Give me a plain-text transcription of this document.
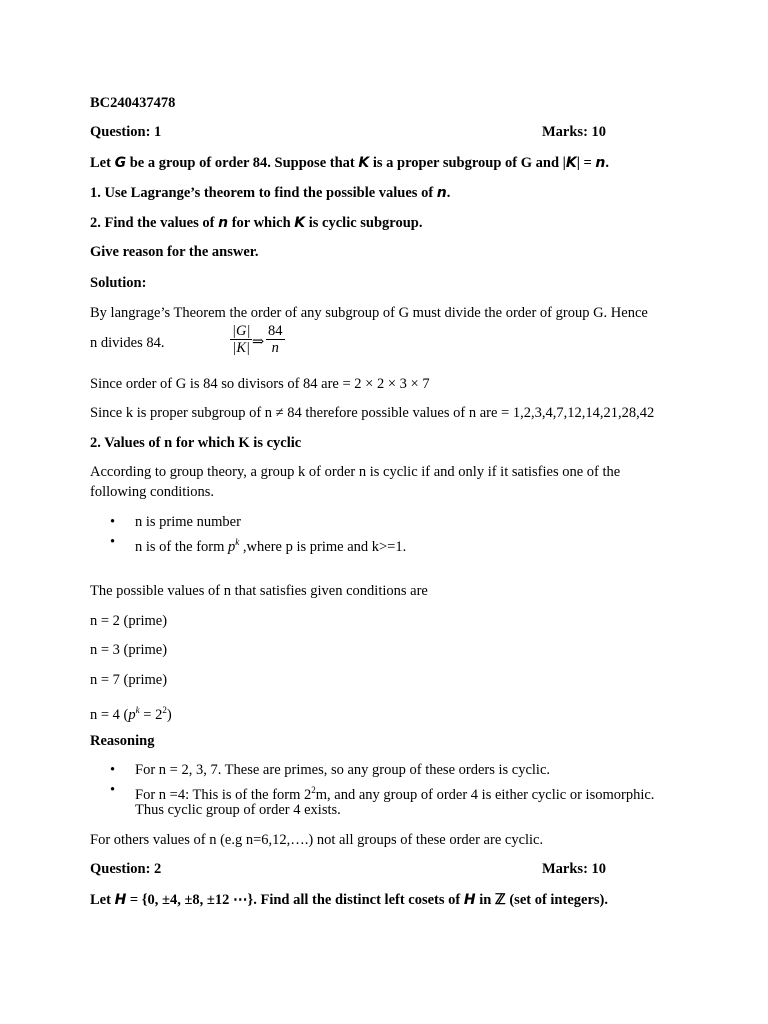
BC240437478
Question: 1	Marks: 10
Let G be a group of order 84. Suppose that K is a proper subgroup of G and |K| = n.
1. Use Lagrange’s theorem to find the possible values of n.
2. Find the values of n for which K is cyclic subgroup.
Give reason for the answer.
Solution:
By langrage’s Theorem the order of any subgroup of G must divide the order of group G. Hence
n divides 84.	$\frac{|G|}{|K|}$ ⇒ $\frac{84}{n}$
Since order of G is 84 so divisors of 84 are = 2 × 2 × 3 × 7
Since k is proper subgroup of n ≠ 84 therefore possible values of n are = 1,2,3,4,7,12,14,21,28,42
2. Values of n for which K is cyclic
According to group theory, a group k of order n is cyclic if and only if it satisfies one of the
following conditions.
• n is prime number
• n is of the form $p^k$ ,where p is prime and k>=1.
The possible values of n that satisfies given conditions are
n = 2 (prime)
n = 3 (prime)
n = 7 (prime)
n = 4 $(p^k = 2^2)$
Reasoning
• For n = 2, 3, 7. These are primes, so any group of these orders is cyclic.
• For n =4: This is of the form $2^2m$, and any group of order 4 is either cyclic or isomorphic.
Thus cyclic group of order 4 exists.
For others values of n (e.g n=6,12,….) not all groups of these order are cyclic.
Question: 2	Marks: 10
Let H = {0, ±4, ±8, ±12 ⋯}. Find all the distinct left cosets of H in ℤ (set of integers).
